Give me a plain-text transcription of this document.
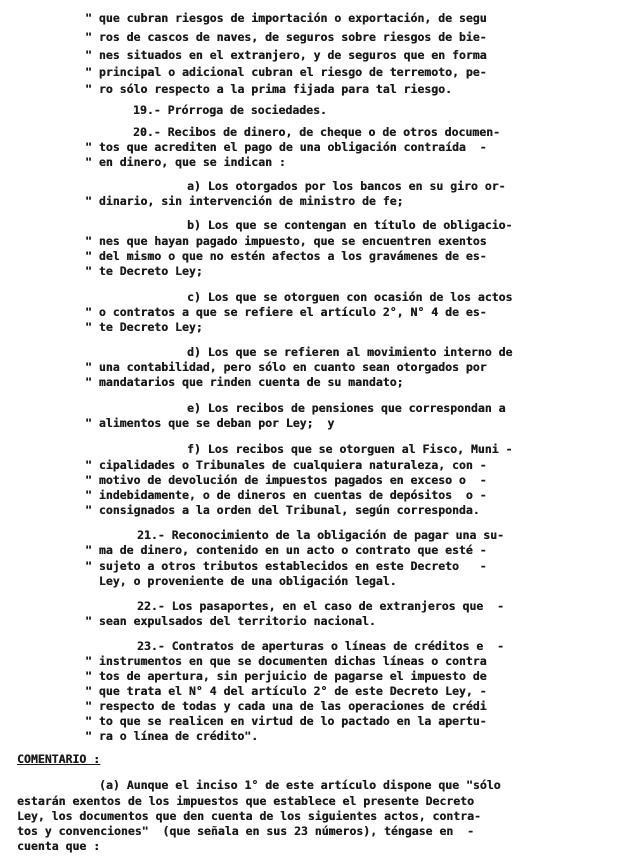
" que cubran riesgos de importación o exportación, de segu
" ros de cascos de naves, de seguros sobre riesgos de bie-
" nes situados en el extranjero, y de seguros que en forma
" principal o adicional cubran el riesgo de terremoto, pe-
" ro sólo respecto a la prima fijada para tal riesgo.
19.- Prórroga de sociedades.
20.- Recibos de dinero, de cheque o de otros documen-
" tos que acrediten el pago de una obligación contraída  -
" en dinero, que se indican :
a) Los otorgados por los bancos en su giro or-
" dinario, sin intervención de ministro de fe;
b) Los que se contengan en título de obligacio-
" nes que hayan pagado impuesto, que se encuentren exentos
" del mismo o que no estén afectos a los gravámenes de es-
" te Decreto Ley;
c) Los que se otorguen con ocasión de los actos
" o contratos a que se refiere el artículo 2°, N° 4 de es-
" te Decreto Ley;
d) Los que se refieren al movimiento interno de
" una contabilidad, pero sólo en cuanto sean otorgados por
" mandatarios que rinden cuenta de su mandato;
e) Los recibos de pensiones que correspondan a
" alimentos que se deban por Ley;  y
f) Los recibos que se otorguen al Fisco, Muni -
" cipalidades o Tribunales de cualquiera naturaleza, con -
" motivo de devolución de impuestos pagados en exceso o  -
" indebidamente, o de dineros en cuentas de depósitos  o -
" consignados a la orden del Tribunal, según corresponda.
21.- Reconocimiento de la obligación de pagar una su-
" ma de dinero, contenido en un acto o contrato que esté -
" sujeto a otros tributos establecidos en este Decreto   -
Ley, o proveniente de una obligación legal.
22.- Los pasaportes, en el caso de extranjeros que  -
" sean expulsados del territorio nacional.
23.- Contratos de aperturas o líneas de créditos e  -
" instrumentos en que se documenten dichas líneas o contra
" tos de apertura, sin perjuicio de pagarse el impuesto de
" que trata el N° 4 del artículo 2° de este Decreto Ley, -
" respecto de todas y cada una de las operaciones de crédi
" to que se realicen en virtud de lo pactado en la apertu-
" ra o línea de crédito".
COMENTARIO :
(a) Aunque el inciso 1° de este artículo dispone que "sólo
estarán exentos de los impuestos que establece el presente Decreto
Ley, los documentos que den cuenta de los siguientes actos, contra-
tos y convenciones"  (que señala en sus 23 números), téngase en  -
cuenta que :
